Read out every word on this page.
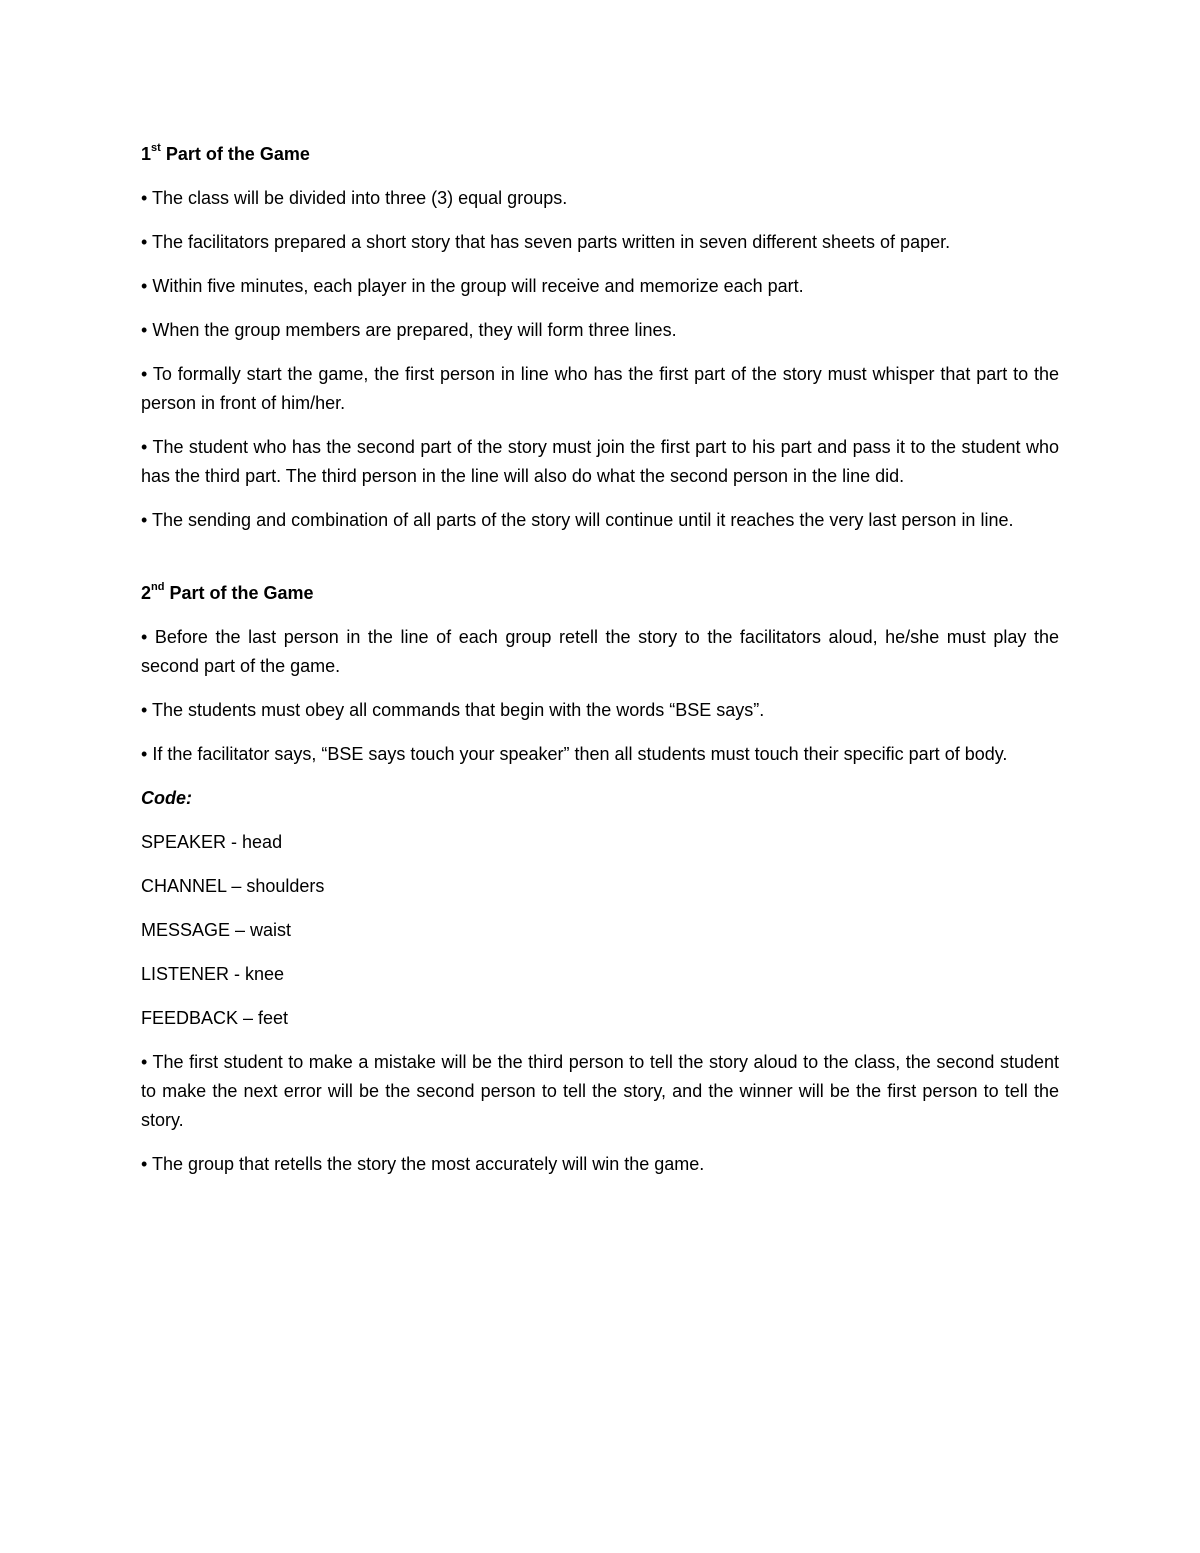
1st Part of the Game
• The class will be divided into three (3) equal groups.
• The facilitators prepared a short story that has seven parts written in seven different sheets of paper.
• Within five minutes, each player in the group will receive and memorize each part.
• When the group members are prepared, they will form three lines.
• To formally start the game, the first person in line who has the first part of the story must whisper that part to the person in front of him/her.
• The student who has the second part of the story must join the first part to his part and pass it to the student who has the third part. The third person in the line will also do what the second person in the line did.
• The sending and combination of all parts of the story will continue until it reaches the very last person in line.
2nd Part of the Game
• Before the last person in the line of each group retell the story to the facilitators aloud, he/she must play the second part of the game.
• The students must obey all commands that begin with the words “BSE says”.
• If the facilitator says, “BSE says touch your speaker” then all students must touch their specific part of body.
Code:
SPEAKER - head
CHANNEL – shoulders
MESSAGE – waist
LISTENER - knee
FEEDBACK – feet
• The first student to make a mistake will be the third person to tell the story aloud to the class, the second student to make the next error will be the second person to tell the story, and the winner will be the first person to tell the story.
• The group that retells the story the most accurately will win the game.
